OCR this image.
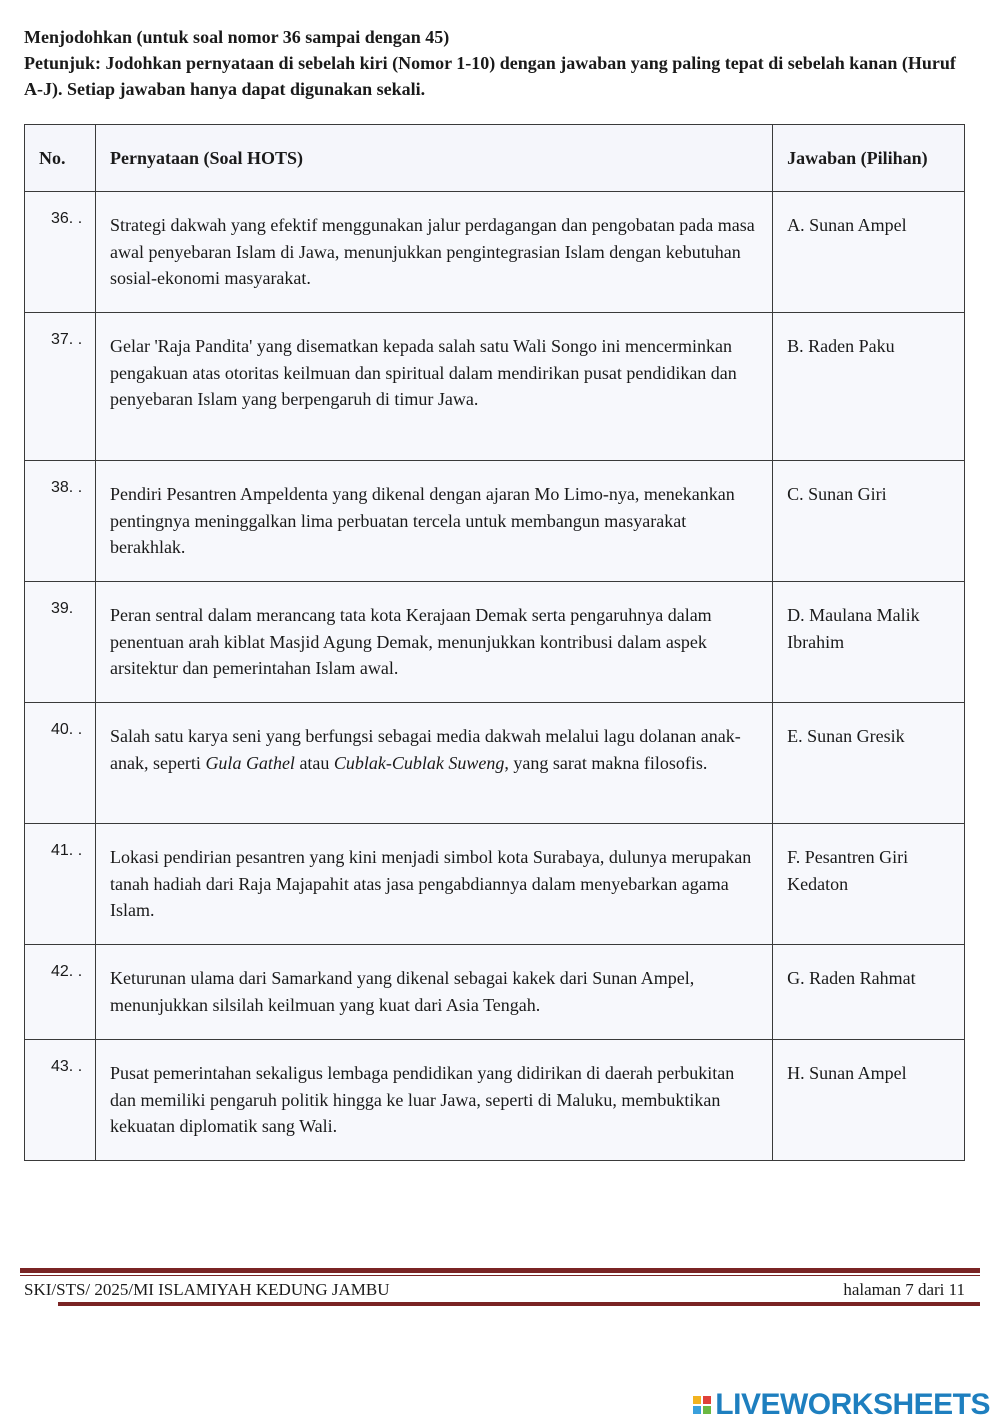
Menjodohkan (untuk soal nomor 36 sampai dengan 45)
Petunjuk: Jodohkan pernyataan di sebelah kiri (Nomor 1-10) dengan jawaban yang paling tepat di sebelah kanan (Huruf A-J). Setiap jawaban hanya dapat digunakan sekali.
No.	Pernyataan (Soal HOTS)	Jawaban (Pilihan)

36. .	Strategi dakwah yang efektif menggunakan jalur perdagangan dan pengobatan pada masa awal penyebaran Islam di Jawa, menunjukkan pengintegrasian Islam dengan kebutuhan sosial-ekonomi masyarakat.	A. Sunan Ampel

37. .	Gelar 'Raja Pandita' yang disematkan kepada salah satu Wali Songo ini mencerminkan pengakuan atas otoritas keilmuan dan spiritual dalam mendirikan pusat pendidikan dan penyebaran Islam yang berpengaruh di timur Jawa.	B. Raden Paku

38. .	Pendiri Pesantren Ampeldenta yang dikenal dengan ajaran Mo Limo-nya, menekankan pentingnya meninggalkan lima perbuatan tercela untuk membangun masyarakat berakhlak.	C. Sunan Giri

39.	Peran sentral dalam merancang tata kota Kerajaan Demak serta pengaruhnya dalam penentuan arah kiblat Masjid Agung Demak, menunjukkan kontribusi dalam aspek arsitektur dan pemerintahan Islam awal.	D. Maulana Malik Ibrahim

40. .	Salah satu karya seni yang berfungsi sebagai media dakwah melalui lagu dolanan anak-anak, seperti Gula Gathel atau Cublak-Cublak Suweng, yang sarat makna filosofis.	E. Sunan Gresik

41. .	Lokasi pendirian pesantren yang kini menjadi simbol kota Surabaya, dulunya merupakan tanah hadiah dari Raja Majapahit atas jasa pengabdiannya dalam menyebarkan agama Islam.	F. Pesantren Giri Kedaton

42. .	Keturunan ulama dari Samarkand yang dikenal sebagai kakek dari Sunan Ampel, menunjukkan silsilah keilmuan yang kuat dari Asia Tengah.	G. Raden Rahmat

43. .	Pusat pemerintahan sekaligus lembaga pendidikan yang didirikan di daerah perbukitan dan memiliki pengaruh politik hingga ke luar Jawa, seperti di Maluku, membuktikan kekuatan diplomatik sang Wali.	H. Sunan Ampel
SKI/STS/ 2025/MI ISLAMIYAH KEDUNG JAMBU	halaman 7 dari 11
LIVEWORKSHEETS
